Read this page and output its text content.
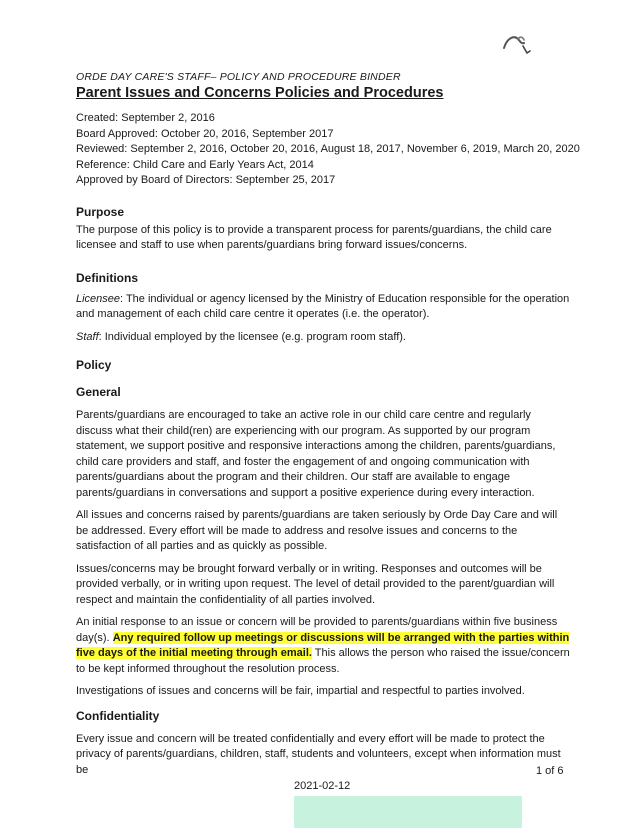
ORDE DAY CARE'S STAFF– POLICY AND PROCEDURE BINDER
Parent Issues and Concerns Policies and Procedures

Created: September 2, 2016

Board Approved: October 20, 2016, September 2017

Reviewed: September 2, 2016, October 20, 2016, August 18, 2017, November 6, 2019, March 20, 2020

Reference: Child Care and Early Years Act, 2014

Approved by Board of Directors: September 25, 2017

Purpose

The purpose of this policy is to provide a transparent process for parents/guardians, the child care licensee and staff to use when parents/guardians bring forward issues/concerns.

Definitions

Licensee: The individual or agency licensed by the Ministry of Education responsible for the operation and management of each child care centre it operates (i.e. the operator).

Staff: Individual employed by the licensee (e.g. program room staff).

Policy
General

Parents/guardians are encouraged to take an active role in our child care centre and regularly discuss what their child(ren) are experiencing with our program. As supported by our program statement, we support positive and responsive interactions among the children, parents/guardians, child care providers and staff, and foster the engagement of and ongoing communication with parents/guardians about the program and their children. Our staff are available to engage parents/guardians in conversations and support a positive experience during every interaction.

All issues and concerns raised by parents/guardians are taken seriously by Orde Day Care and will be addressed. Every effort will be made to address and resolve issues and concerns to the satisfaction of all parties and as quickly as possible.

Issues/concerns may be brought forward verbally or in writing. Responses and outcomes will be provided verbally, or in writing upon request. The level of detail provided to the parent/guardian will respect and maintain the confidentiality of all parties involved.

An initial response to an issue or concern will be provided to parents/guardians within five business day(s). Any required follow up meetings or discussions will be arranged with the parties within five days of the initial meeting through email. This allows the person who raised the issue/concern to be kept informed throughout the resolution process.

Investigations of issues and concerns will be fair, impartial and respectful to parties involved.

Confidentiality

Every issue and concern will be treated confidentially and every effort will be made to protect the privacy of parents/guardians, children, staff, students and volunteers, except when information must be	1 of 6
2021-02-12
